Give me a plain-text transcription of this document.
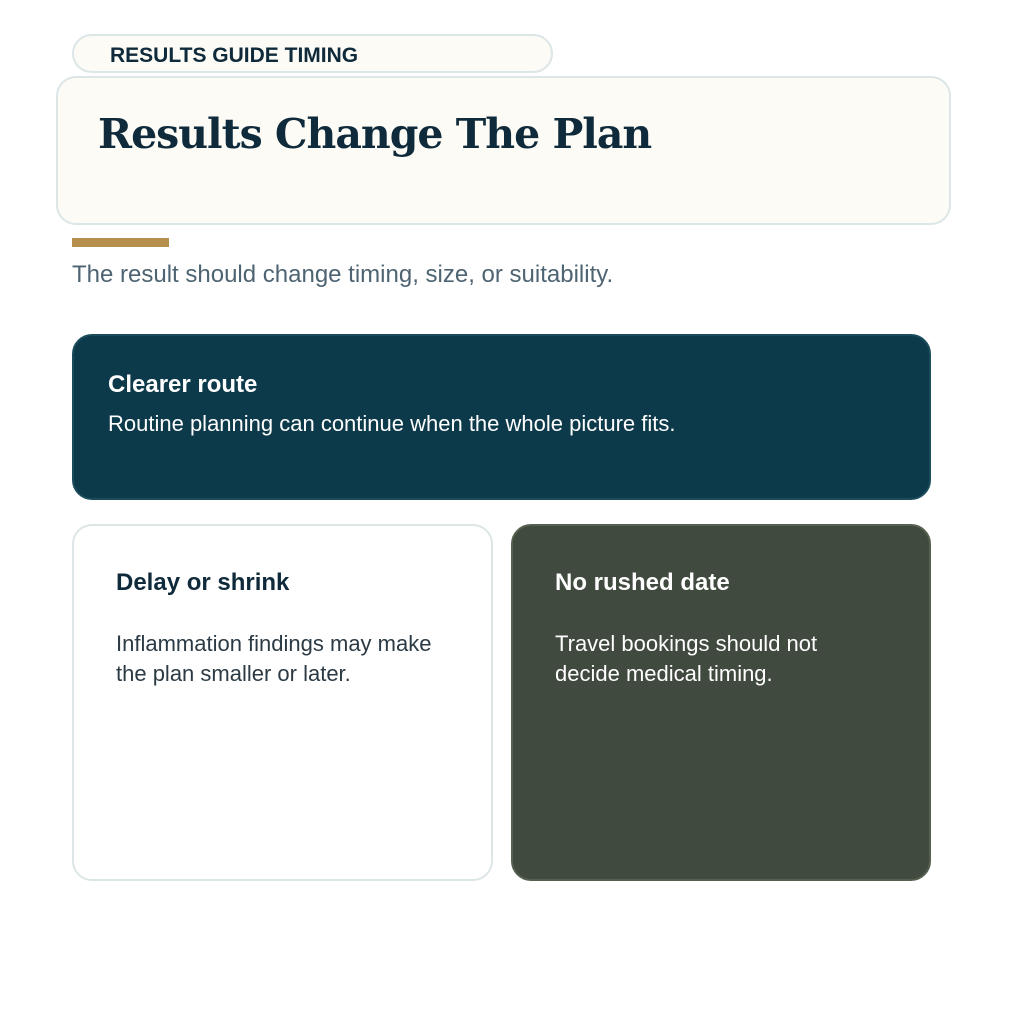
RESULTS GUIDE TIMING
Results Change The Plan

The result should change timing, size, or suitability.

Clearer route

Routine planning can continue when the whole picture fits.

Delay or shrink

Inflammation findings may make the plan smaller or later.

No rushed date

Travel bookings should not decide medical timing.
